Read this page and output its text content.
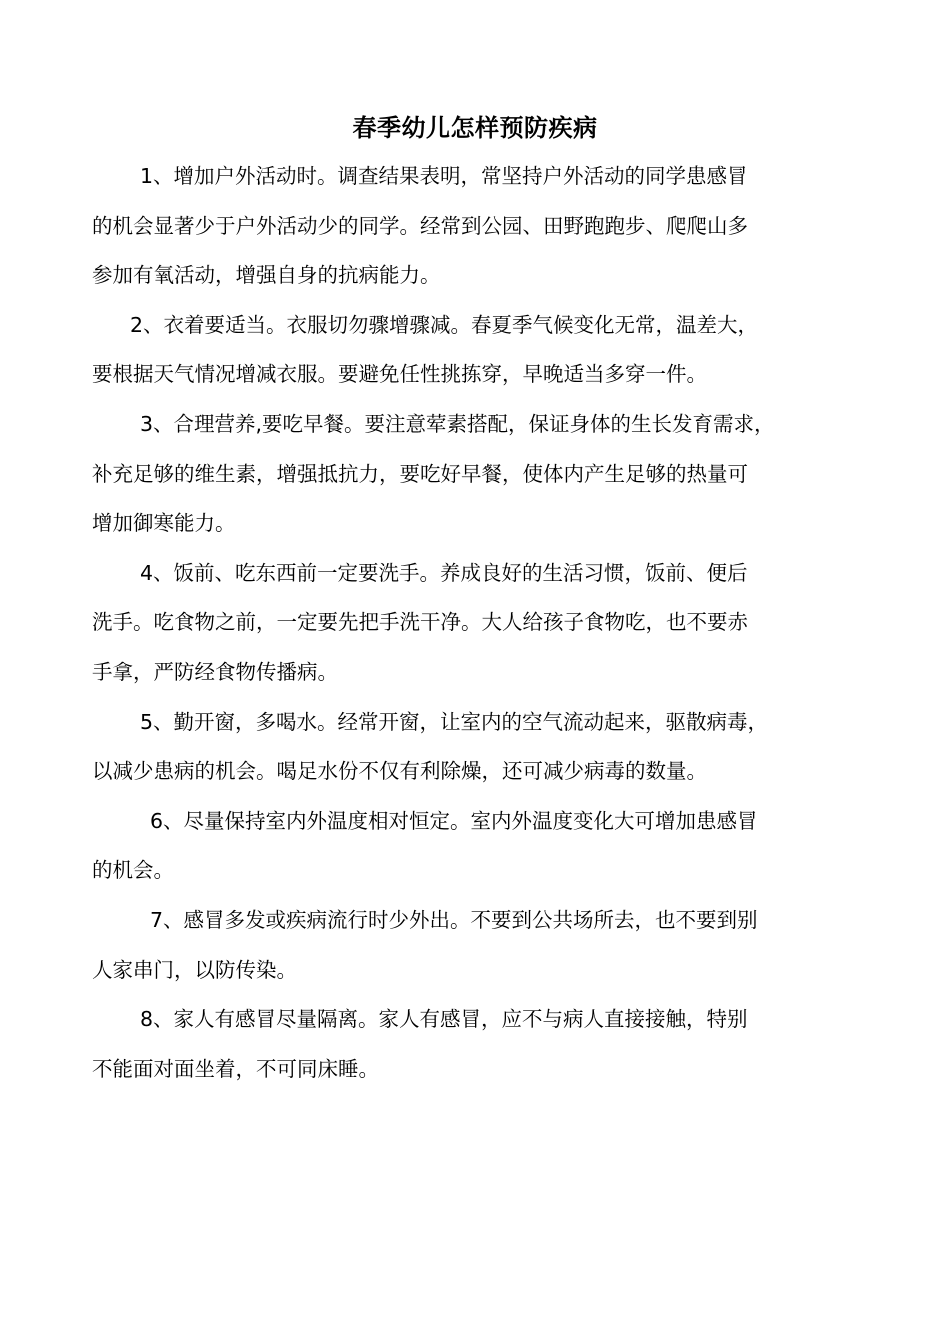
春季幼儿怎样预防疾病

1、增加户外活动时。调查结果表明，常坚持户外活动的同学患感冒
的机会显著少于户外活动少的同学。经常到公园、田野跑跑步、爬爬山多
参加有氧活动，增强自身的抗病能力。

2、衣着要适当。衣服切勿骤增骤减。春夏季气候变化无常，温差大，
要根据天气情况增减衣服。要避免任性挑拣穿，早晚适当多穿一件。

3、合理营养,要吃早餐。要注意荤素搭配，保证身体的生长发育需求，
补充足够的维生素，增强抵抗力，要吃好早餐，使体内产生足够的热量可
增加御寒能力。

4、饭前、吃东西前一定要洗手。养成良好的生活习惯，饭前、便后
洗手。吃食物之前，一定要先把手洗干净。大人给孩子食物吃，也不要赤
手拿，严防经食物传播病。

5、勤开窗，多喝水。经常开窗，让室内的空气流动起来，驱散病毒，
以减少患病的机会。喝足水份不仅有利除燥，还可减少病毒的数量。

6、尽量保持室内外温度相对恒定。室内外温度变化大可增加患感冒
的机会。

7、感冒多发或疾病流行时少外出。不要到公共场所去，也不要到别
人家串门，以防传染。

8、家人有感冒尽量隔离。家人有感冒，应不与病人直接接触，特别
不能面对面坐着，不可同床睡。
